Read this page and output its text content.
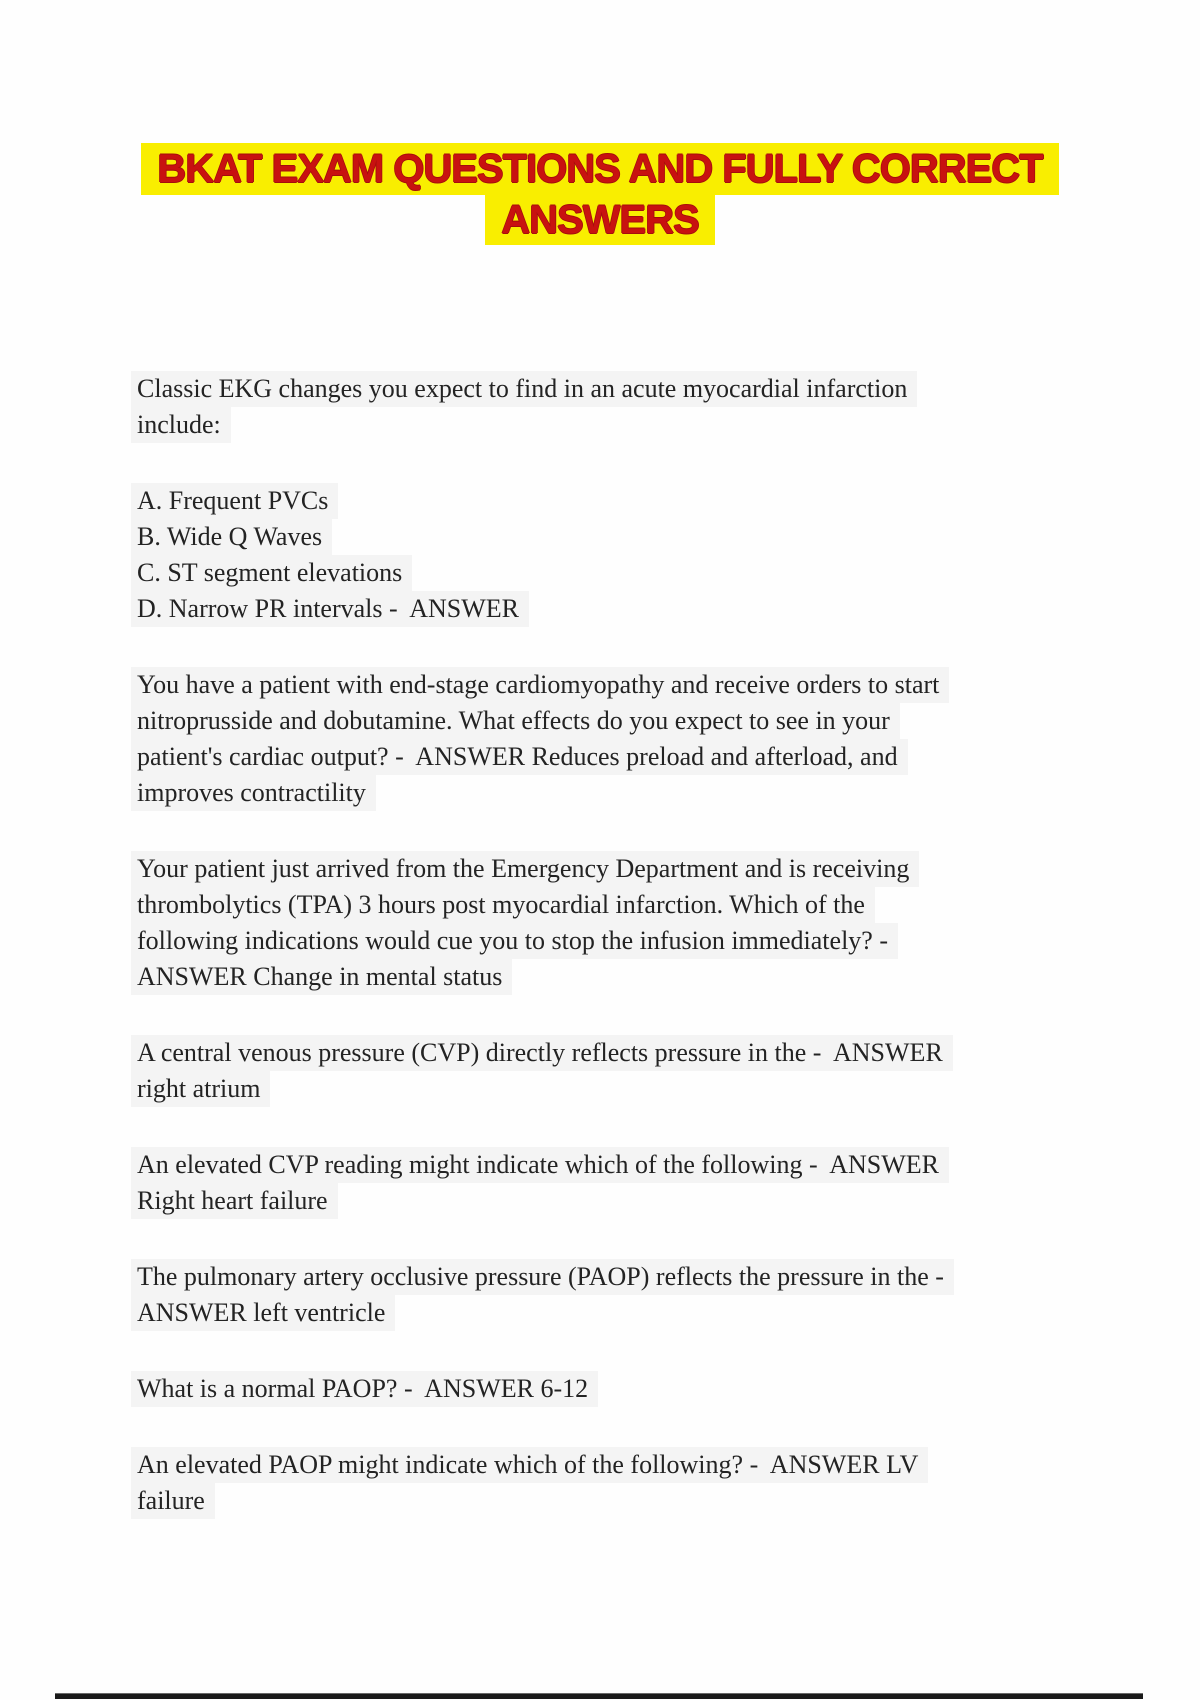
BKAT EXAM QUESTIONS AND FULLY CORRECT
ANSWERS
Classic EKG changes you expect to find in an acute myocardial infarction
include:
A. Frequent PVCs
B. Wide Q Waves
C. ST segment elevations
D. Narrow PR intervals -  ANSWER
You have a patient with end-stage cardiomyopathy and receive orders to start
nitroprusside and dobutamine. What effects do you expect to see in your
patient's cardiac output? -  ANSWER Reduces preload and afterload, and
improves contractility
Your patient just arrived from the Emergency Department and is receiving
thrombolytics (TPA) 3 hours post myocardial infarction. Which of the
following indications would cue you to stop the infusion immediately? -
ANSWER Change in mental status
A central venous pressure (CVP) directly reflects pressure in the -  ANSWER
right atrium
An elevated CVP reading might indicate which of the following -  ANSWER
Right heart failure
The pulmonary artery occlusive pressure (PAOP) reflects the pressure in the -
ANSWER left ventricle
What is a normal PAOP? -  ANSWER 6-12
An elevated PAOP might indicate which of the following? -  ANSWER LV
failure
